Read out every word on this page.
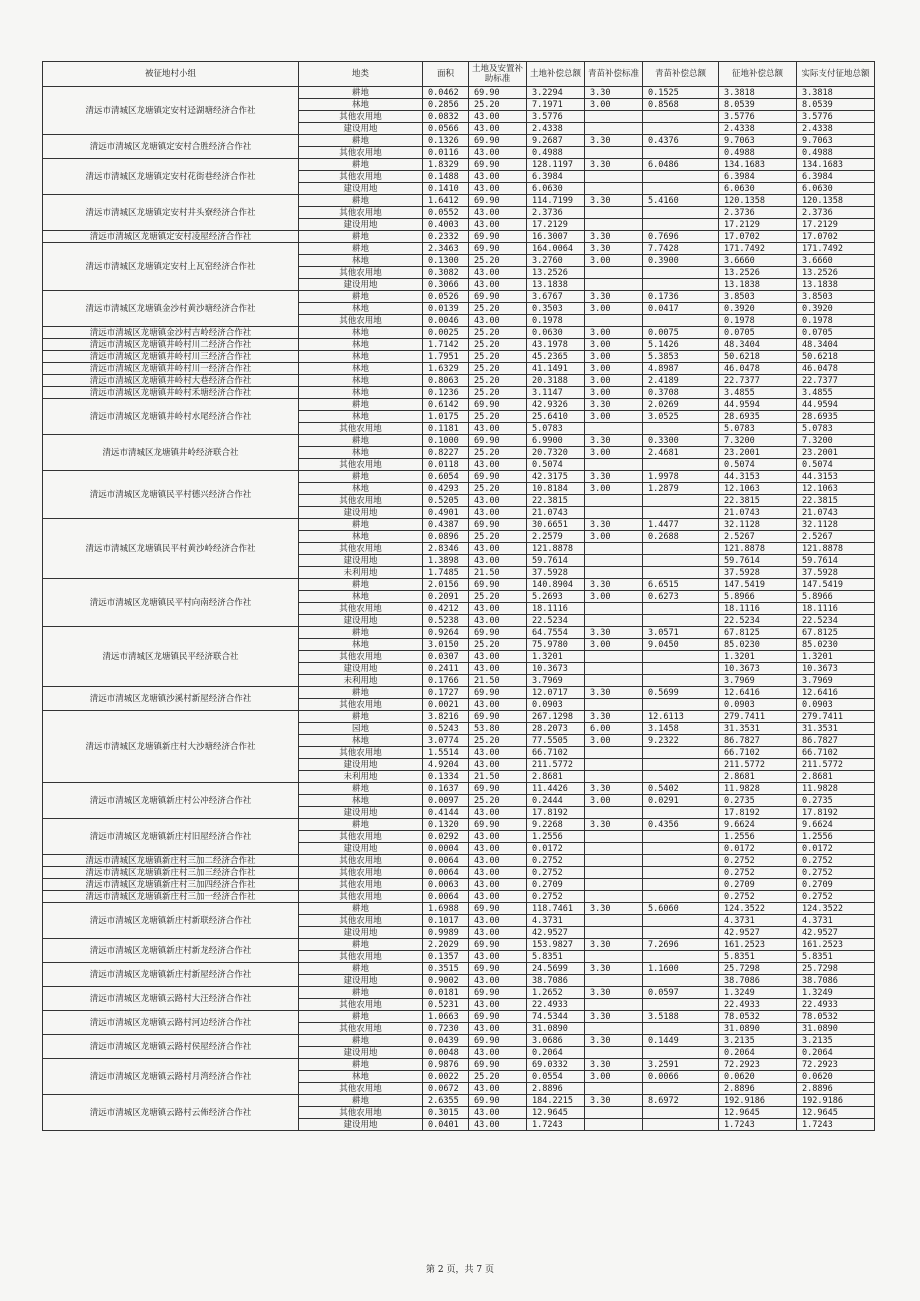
被征地村小组	地类	面积	土地及安置补助标准	土地补偿总额	青苗补偿标准	青苗补偿总额	征地补偿总额	实际支付征地总额
清远市清城区龙塘镇定安村迳湖塘经济合作社	耕地	0.0462	69.90	3.2294	3.30	0.1525	3.3818	3.3818
	林地	0.2856	25.20	7.1971	3.00	0.8568	8.0539	8.0539
	其他农用地	0.0832	43.00	3.5776			3.5776	3.5776
	建设用地	0.0566	43.00	2.4338			2.4338	2.4338
清远市清城区龙塘镇定安村合胜经济合作社	耕地	0.1326	69.90	9.2687	3.30	0.4376	9.7063	9.7063
	其他农用地	0.0116	43.00	0.4988			0.4988	0.4988
清远市清城区龙塘镇定安村花街巷经济合作社	耕地	1.8329	69.90	128.1197	3.30	6.0486	134.1683	134.1683
	其他农用地	0.1488	43.00	6.3984			6.3984	6.3984
	建设用地	0.1410	43.00	6.0630			6.0630	6.0630
清远市清城区龙塘镇定安村井头寮经济合作社	耕地	1.6412	69.90	114.7199	3.30	5.4160	120.1358	120.1358
	其他农用地	0.0552	43.00	2.3736			2.3736	2.3736
	建设用地	0.4003	43.00	17.2129			17.2129	17.2129
清远市清城区龙塘镇定安村凌屋经济合作社	耕地	0.2332	69.90	16.3007	3.30	0.7696	17.0702	17.0702
清远市清城区龙塘镇定安村上瓦窑经济合作社	耕地	2.3463	69.90	164.0064	3.30	7.7428	171.7492	171.7492
	林地	0.1300	25.20	3.2760	3.00	0.3900	3.6660	3.6660
	其他农用地	0.3082	43.00	13.2526			13.2526	13.2526
	建设用地	0.3066	43.00	13.1838			13.1838	13.1838
清远市清城区龙塘镇金沙村黄沙塘经济合作社	耕地	0.0526	69.90	3.6767	3.30	0.1736	3.8503	3.8503
	林地	0.0139	25.20	0.3503	3.00	0.0417	0.3920	0.3920
	其他农用地	0.0046	43.00	0.1978			0.1978	0.1978
清远市清城区龙塘镇金沙村吉岭经济合作社	林地	0.0025	25.20	0.0630	3.00	0.0075	0.0705	0.0705
清远市清城区龙塘镇井岭村川二经济合作社	林地	1.7142	25.20	43.1978	3.00	5.1426	48.3404	48.3404
清远市清城区龙塘镇井岭村川三经济合作社	林地	1.7951	25.20	45.2365	3.00	5.3853	50.6218	50.6218
清远市清城区龙塘镇井岭村川一经济合作社	林地	1.6329	25.20	41.1491	3.00	4.8987	46.0478	46.0478
清远市清城区龙塘镇井岭村大巷经济合作社	林地	0.8063	25.20	20.3188	3.00	2.4189	22.7377	22.7377
清远市清城区龙塘镇井岭村禾塘经济合作社	林地	0.1236	25.20	3.1147	3.00	0.3708	3.4855	3.4855
清远市清城区龙塘镇井岭村水尾经济合作社	耕地	0.6142	69.90	42.9326	3.30	2.0269	44.9594	44.9594
	林地	1.0175	25.20	25.6410	3.00	3.0525	28.6935	28.6935
	其他农用地	0.1181	43.00	5.0783			5.0783	5.0783
清远市清城区龙塘镇井岭经济联合社	耕地	0.1000	69.90	6.9900	3.30	0.3300	7.3200	7.3200
	林地	0.8227	25.20	20.7320	3.00	2.4681	23.2001	23.2001
	其他农用地	0.0118	43.00	0.5074			0.5074	0.5074
清远市清城区龙塘镇民平村德兴经济合作社	耕地	0.6054	69.90	42.3175	3.30	1.9978	44.3153	44.3153
	林地	0.4293	25.20	10.8184	3.00	1.2879	12.1063	12.1063
	其他农用地	0.5205	43.00	22.3815			22.3815	22.3815
	建设用地	0.4901	43.00	21.0743			21.0743	21.0743
清远市清城区龙塘镇民平村黄沙岭经济合作社	耕地	0.4387	69.90	30.6651	3.30	1.4477	32.1128	32.1128
	林地	0.0896	25.20	2.2579	3.00	0.2688	2.5267	2.5267
	其他农用地	2.8346	43.00	121.8878			121.8878	121.8878
	建设用地	1.3898	43.00	59.7614			59.7614	59.7614
	未利用地	1.7485	21.50	37.5928			37.5928	37.5928
清远市清城区龙塘镇民平村向南经济合作社	耕地	2.0156	69.90	140.8904	3.30	6.6515	147.5419	147.5419
	林地	0.2091	25.20	5.2693	3.00	0.6273	5.8966	5.8966
	其他农用地	0.4212	43.00	18.1116			18.1116	18.1116
	建设用地	0.5238	43.00	22.5234			22.5234	22.5234
清远市清城区龙塘镇民平经济联合社	耕地	0.9264	69.90	64.7554	3.30	3.0571	67.8125	67.8125
	林地	3.0150	25.20	75.9780	3.00	9.0450	85.0230	85.0230
	其他农用地	0.0307	43.00	1.3201			1.3201	1.3201
	建设用地	0.2411	43.00	10.3673			10.3673	10.3673
	未利用地	0.1766	21.50	3.7969			3.7969	3.7969
清远市清城区龙塘镇沙溪村新屋经济合作社	耕地	0.1727	69.90	12.0717	3.30	0.5699	12.6416	12.6416
	其他农用地	0.0021	43.00	0.0903			0.0903	0.0903
清远市清城区龙塘镇新庄村大沙塘经济合作社	耕地	3.8216	69.90	267.1298	3.30	12.6113	279.7411	279.7411
	园地	0.5243	53.80	28.2073	6.00	3.1458	31.3531	31.3531
	林地	3.0774	25.20	77.5505	3.00	9.2322	86.7827	86.7827
	其他农用地	1.5514	43.00	66.7102			66.7102	66.7102
	建设用地	4.9204	43.00	211.5772			211.5772	211.5772
	未利用地	0.1334	21.50	2.8681			2.8681	2.8681
清远市清城区龙塘镇新庄村公冲经济合作社	耕地	0.1637	69.90	11.4426	3.30	0.5402	11.9828	11.9828
	林地	0.0097	25.20	0.2444	3.00	0.0291	0.2735	0.2735
	建设用地	0.4144	43.00	17.8192			17.8192	17.8192
清远市清城区龙塘镇新庄村旧屋经济合作社	耕地	0.1320	69.90	9.2268	3.30	0.4356	9.6624	9.6624
	其他农用地	0.0292	43.00	1.2556			1.2556	1.2556
	建设用地	0.0004	43.00	0.0172			0.0172	0.0172
清远市清城区龙塘镇新庄村三加二经济合作社	其他农用地	0.0064	43.00	0.2752			0.2752	0.2752
清远市清城区龙塘镇新庄村三加三经济合作社	其他农用地	0.0064	43.00	0.2752			0.2752	0.2752
清远市清城区龙塘镇新庄村三加四经济合作社	其他农用地	0.0063	43.00	0.2709			0.2709	0.2709
清远市清城区龙塘镇新庄村三加一经济合作社	其他农用地	0.0064	43.00	0.2752			0.2752	0.2752
清远市清城区龙塘镇新庄村新联经济合作社	耕地	1.6988	69.90	118.7461	3.30	5.6060	124.3522	124.3522
	其他农用地	0.1017	43.00	4.3731			4.3731	4.3731
	建设用地	0.9989	43.00	42.9527			42.9527	42.9527
清远市清城区龙塘镇新庄村新龙经济合作社	耕地	2.2029	69.90	153.9827	3.30	7.2696	161.2523	161.2523
	其他农用地	0.1357	43.00	5.8351			5.8351	5.8351
清远市清城区龙塘镇新庄村新屋经济合作社	耕地	0.3515	69.90	24.5699	3.30	1.1600	25.7298	25.7298
	建设用地	0.9002	43.00	38.7086			38.7086	38.7086
清远市清城区龙塘镇云路村大汪经济合作社	耕地	0.0181	69.90	1.2652	3.30	0.0597	1.3249	1.3249
	其他农用地	0.5231	43.00	22.4933			22.4933	22.4933
清远市清城区龙塘镇云路村河边经济合作社	耕地	1.0663	69.90	74.5344	3.30	3.5188	78.0532	78.0532
	其他农用地	0.7230	43.00	31.0890			31.0890	31.0890
清远市清城区龙塘镇云路村侯屋经济合作社	耕地	0.0439	69.90	3.0686	3.30	0.1449	3.2135	3.2135
	建设用地	0.0048	43.00	0.2064			0.2064	0.2064
清远市清城区龙塘镇云路村月湾经济合作社	耕地	0.9876	69.90	69.0332	3.30	3.2591	72.2923	72.2923
	林地	0.0022	25.20	0.0554	3.00	0.0066	0.0620	0.0620
	其他农用地	0.0672	43.00	2.8896			2.8896	2.8896
清远市清城区龙塘镇云路村云佈经济合作社	耕地	2.6355	69.90	184.2215	3.30	8.6972	192.9186	192.9186
	其他农用地	0.3015	43.00	12.9645			12.9645	12.9645
	建设用地	0.0401	43.00	1.7243			1.7243	1.7243
第 2 页，共 7 页
